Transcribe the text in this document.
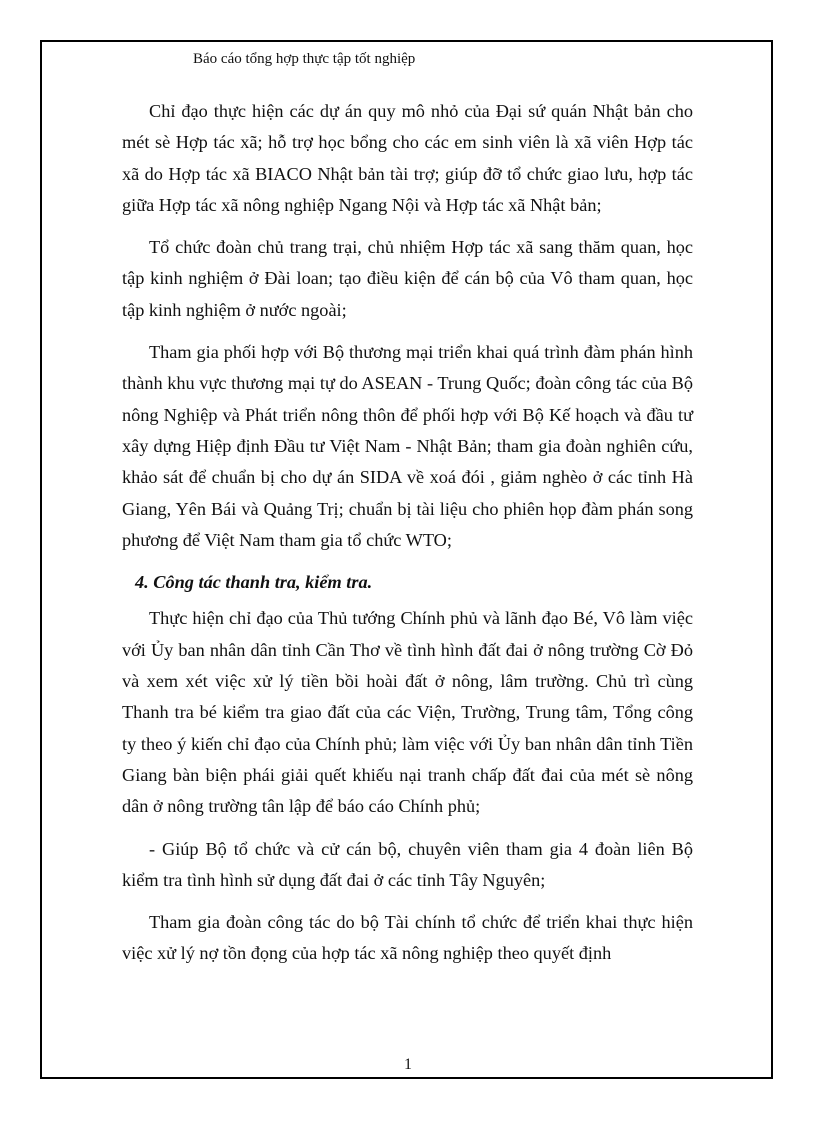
Báo cáo tổng hợp thực tập tốt nghiệp

Chỉ đạo thực hiện các dự án quy mô nhỏ của Đại sứ quán Nhật bản cho mét sè Hợp tác xã; hỗ trợ học bổng cho các em sinh viên là xã viên Hợp tác xã do Hợp tác xã BIACO Nhật bản tài trợ; giúp đỡ tổ chức giao lưu, hợp tác giữa Hợp tác xã nông nghiệp Ngang Nội và Hợp tác xã Nhật bản;

Tổ chức đoàn chủ trang trại, chủ nhiệm Hợp tác xã sang thăm quan, học tập kinh nghiệm ở Đài loan; tạo điều kiện để cán bộ của Vô tham quan, học tập kinh nghiệm ở nước ngoài;

Tham gia phối hợp với Bộ thương mại triển khai quá trình đàm phán hình thành khu vực thương mại tự do ASEAN - Trung Quốc; đoàn công tác của Bộ nông Nghiệp và Phát triển nông thôn để phối hợp với Bộ Kế hoạch và đầu tư xây dựng Hiệp định Đầu tư Việt Nam - Nhật Bản; tham gia đoàn nghiên cứu, khảo sát để chuẩn bị cho dự án SIDA về xoá đói , giảm nghèo ở các tỉnh Hà Giang, Yên Bái và Quảng Trị; chuẩn bị tài liệu cho phiên họp đàm phán song phương để Việt Nam tham gia tổ chức WTO;

4. Công tác thanh tra, kiểm tra.

Thực hiện chỉ đạo của Thủ tướng Chính phủ và lãnh đạo Bé, Vô làm việc với Ủy ban nhân dân tỉnh Cần Thơ về tình hình đất đai ở nông trường Cờ Đỏ và xem xét việc xử lý tiền bồi hoài đất ở nông, lâm trường. Chủ trì cùng Thanh tra bé kiểm tra giao đất của các Viện, Trường, Trung tâm, Tổng công ty theo ý kiến chỉ đạo của Chính phủ; làm việc với Ủy ban nhân dân tỉnh Tiền Giang bàn biện phái giải quết khiếu nại tranh chấp đất đai của mét sè nông dân ở nông trường tân lập để báo cáo Chính phủ;

- Giúp Bộ tổ chức và cử cán bộ, chuyên viên tham gia 4 đoàn liên Bộ kiểm tra tình hình sử dụng đất đai ở các tỉnh Tây Nguyên;

Tham gia đoàn công tác do bộ Tài chính tổ chức để triển khai thực hiện việc xử lý nợ tồn đọng của hợp tác xã nông nghiệp theo quyết định

1
